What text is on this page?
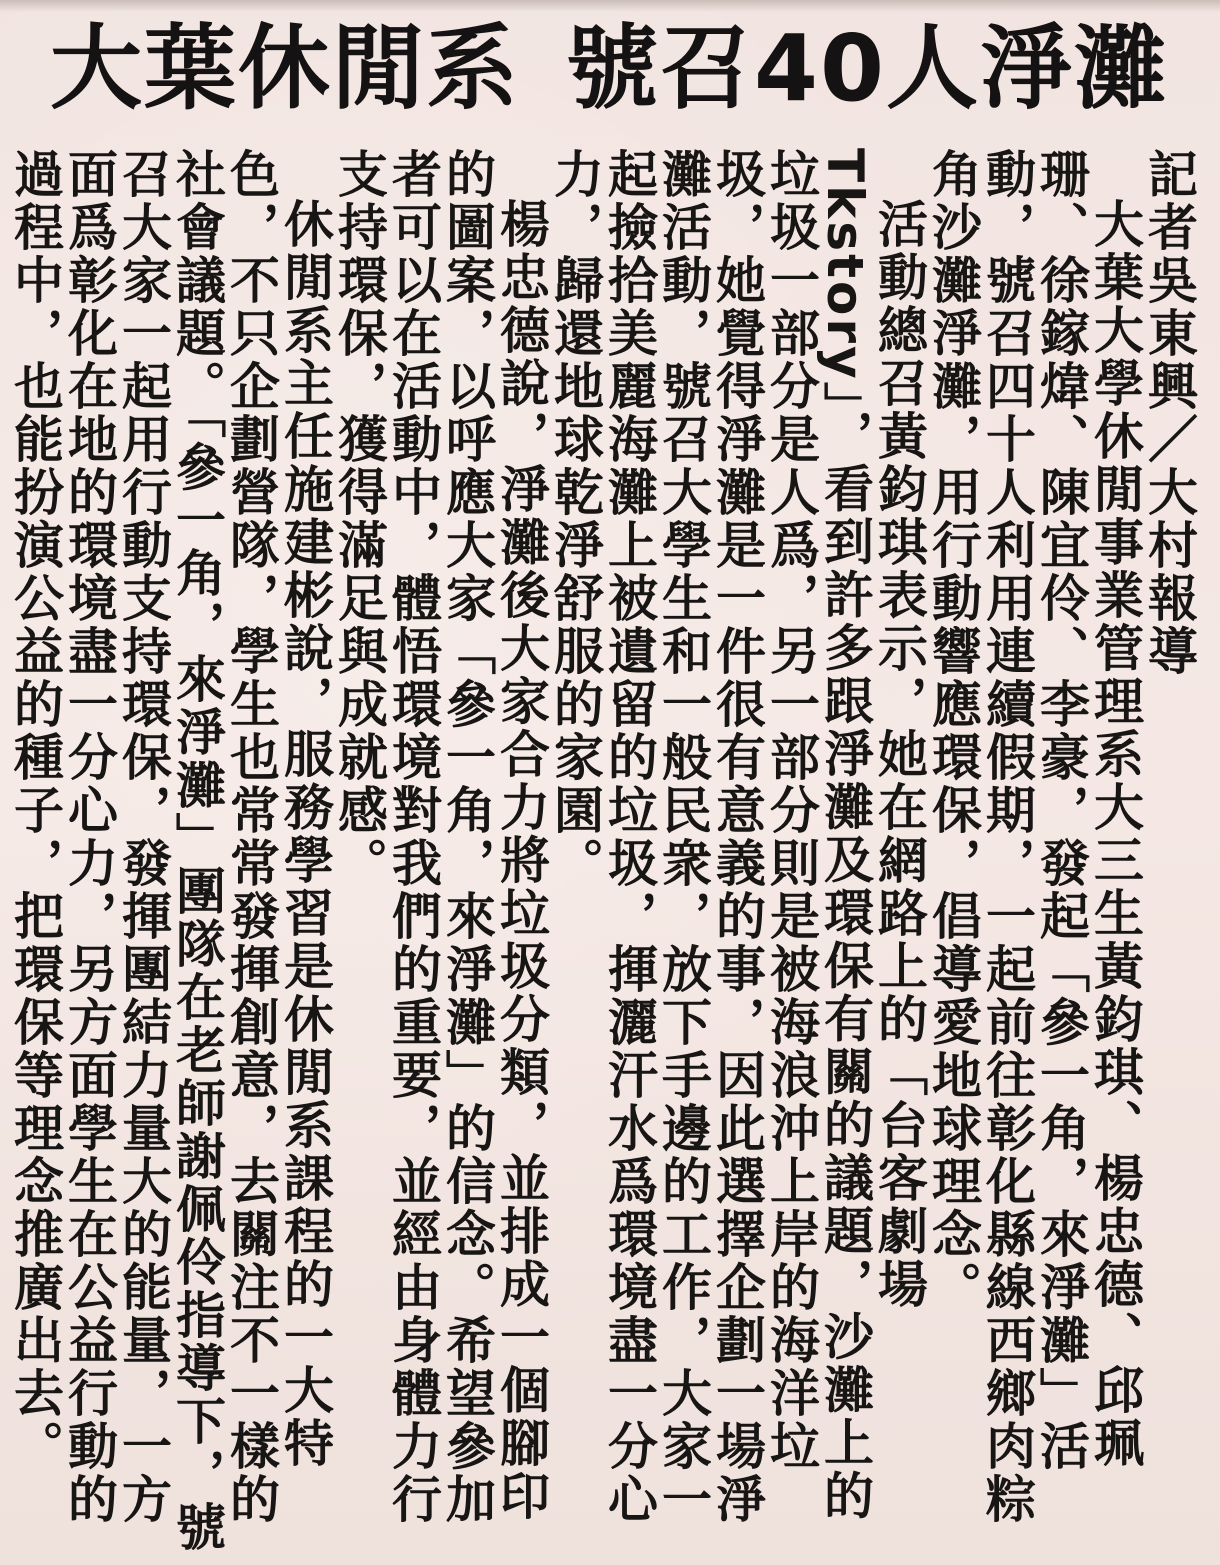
大葉休閒系 號召40人淨灘

記者吳東興／大村報導

大葉大學休閒事業管理系大三生黃鈞琪、楊忠德、邱珮珊、徐鎵煒、陳宜伶、李豪，發起「參一角，來淨灘」活動，號召四十人利用連續假期，一起前往彰化縣線西鄉肉粽角沙灘淨灘，用行動響應環保，倡導愛地球理念。

活動總召黃鈞琪表示，她在網路上的「台客劇場 Tkstory」，看到許多跟淨灘及環保有關的議題，沙灘上的垃圾一部分是人爲，另一部分則是被海浪沖上岸的海洋垃圾，她覺得淨灘是一件很有意義的事，因此選擇企劃一場淨灘活動，號召大學生和一般民衆，放下手邊的工作，大家一起撿拾美麗海灘上被遺留的垃圾，揮灑汗水爲環境盡一分心力，歸還地球乾淨舒服的家園。

楊忠德說，淨灘後大家合力將垃圾分類，並排成一個腳印的圖案，以呼應大家「參一角，來淨灘」的信念。希望參加者可以在活動中，體悟環境對我們的重要，並經由身體力行支持環保，獲得滿足與成就感。

休閒系主任施建彬說，服務學習是休閒系課程的一大特色，不只企劃營隊，學生也常常發揮創意，去關注不一樣的社會議題。「參一角，來淨灘」團隊在老師謝佩伶指導下，號召大家一起用行動支持環保，發揮團結力量大的能量，一方面爲彰化在地的環境盡一分心力，另方面學生在公益行動的過程中，也能扮演公益的種子，把環保等理念推廣出去。
